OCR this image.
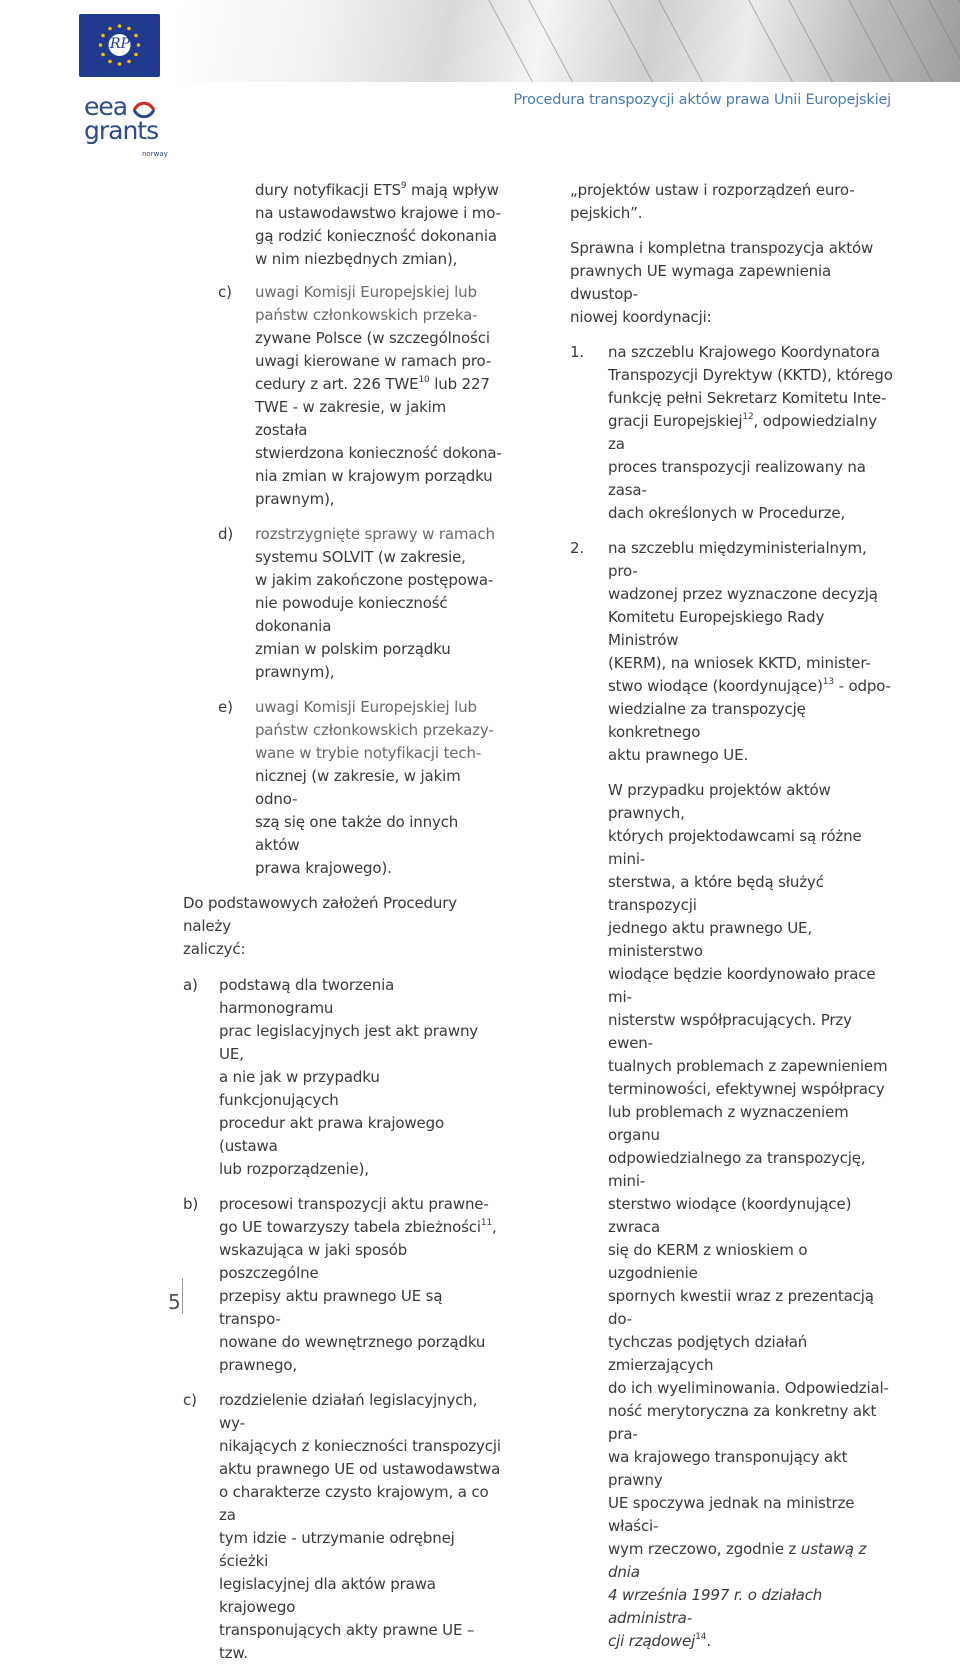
RP
eea
grants
norway
Procedura transpozycji aktów prawa Unii Europejskiej

dury notyfikacji ETS$^9$ mają wpływ

na ustawodawstwo krajowe i mo-

gą rodzić konieczność dokonania

w nim niezbędnych zmian),

c) uwagi Komisji Europejskiej lub

państw członkowskich przeka-

zywane Polsce (w szczególności

uwagi kierowane w ramach pro-

cedury z art. 226 TWE$^{10}$ lub 227

TWE - w zakresie, w jakim została

stwierdzona konieczność dokona-

nia zmian w krajowym porządku

prawnym),

d) rozstrzygnięte sprawy w ramach

systemu SOLVIT (w zakresie,

w jakim zakończone postępowa-

nie powoduje konieczność dokonania

zmian w polskim porządku

prawnym),

e) uwagi Komisji Europejskiej lub

państw członkowskich przekazy-

wane w trybie notyfikacji tech-

nicznej (w zakresie, w jakim odno-

szą się one także do innych aktów

prawa krajowego).

Do podstawowych założeń Procedury należy

zaliczyć:

a) podstawą dla tworzenia harmonogramu

prac legislacyjnych jest akt prawny UE,

a nie jak w przypadku funkcjonujących

procedur akt prawa krajowego (ustawa

lub rozporządzenie),

b) procesowi transpozycji aktu prawne-

go UE towarzyszy tabela zbieżności$^{11}$,

wskazująca w jaki sposób poszczególne

przepisy aktu prawnego UE są transpo-

nowane do wewnętrznego porządku

prawnego,

c) rozdzielenie działań legislacyjnych, wy-

nikających z konieczności transpozycji

aktu prawnego UE od ustawodawstwa

o charakterze czysto krajowym, a co za

tym idzie - utrzymanie odrębnej ścieżki

legislacyjnej dla aktów prawa krajowego

transponujących akty prawne UE – tzw.

„projektów ustaw i rozporządzeń euro-

pejskich”.

Sprawna i kompletna transpozycja aktów

prawnych UE wymaga zapewnienia dwustop-

niowej koordynacji:

1. na szczeblu Krajowego Koordynatora

Transpozycji Dyrektyw (KKTD), którego

funkcję pełni Sekretarz Komitetu Inte-

gracji Europejskiej$^{12}$, odpowiedzialny za

proces transpozycji realizowany na zasa-

dach określonych w Procedurze,

2. na szczeblu międzyministerialnym, pro-

wadzonej przez wyznaczone decyzją

Komitetu Europejskiego Rady Ministrów

(KERM), na wniosek KKTD, minister-

stwo wiodące (koordynujące)$^{13}$ - odpo-

wiedzialne za transpozycję konkretnego

aktu prawnego UE.

W przypadku projektów aktów prawnych,

których projektodawcami są różne mini-

sterstwa, a które będą służyć transpozycji

jednego aktu prawnego UE, ministerstwo

wiodące będzie koordynowało prace mi-

nisterstw współpracujących. Przy ewen-

tualnych problemach z zapewnieniem

terminowości, efektywnej współpracy

lub problemach z wyznaczeniem organu

odpowiedzialnego za transpozycję, mini-

sterstwo wiodące (koordynujące) zwraca

się do KERM z wnioskiem o uzgodnienie

spornych kwestii wraz z prezentacją do-

tychczas podjętych działań zmierzających

do ich wyeliminowania. Odpowiedzial-

ność merytoryczna za konkretny akt pra-

wa krajowego transponujący akt prawny

UE spoczywa jednak na ministrze właści-

wym rzeczowo, zgodnie z ustawą z dnia

4 września 1997 r. o działach administra-

cji rządowej$^{14}$.

5
